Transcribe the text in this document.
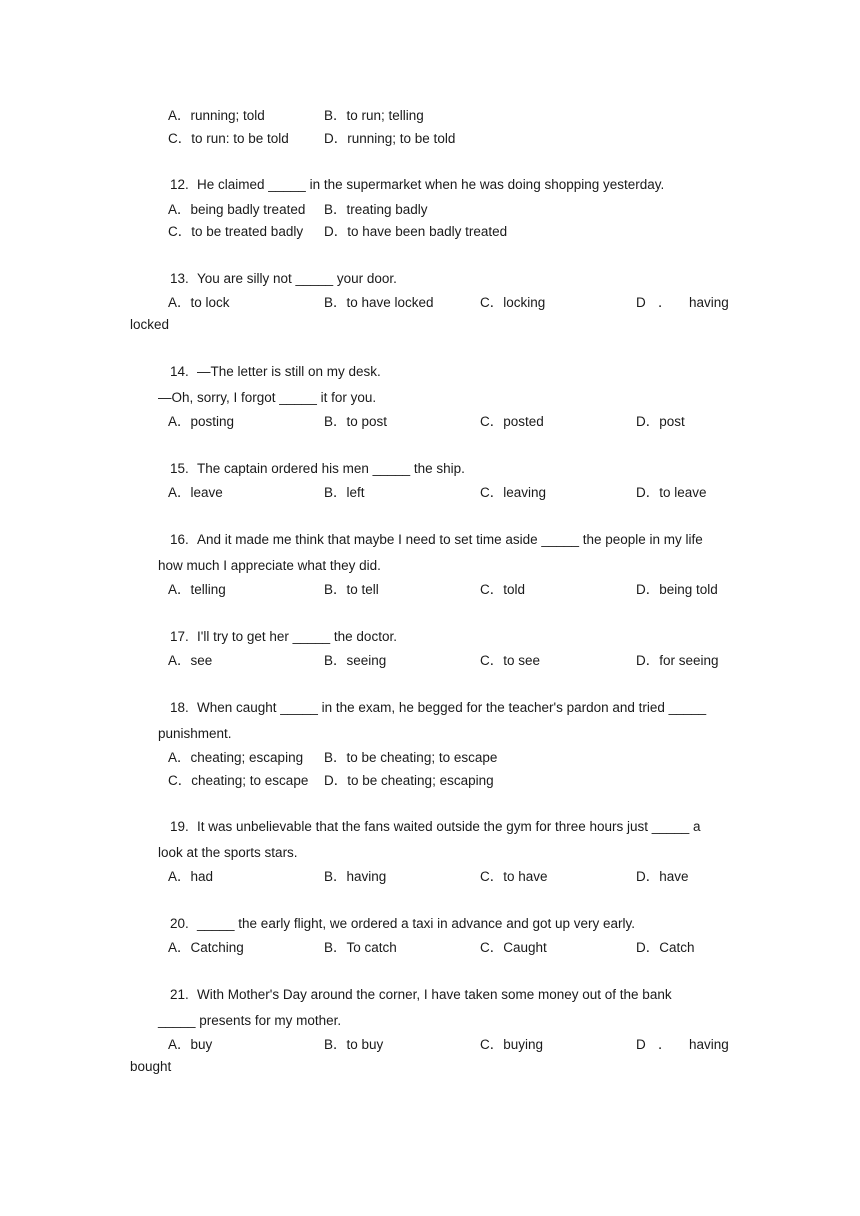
A．running; told	B．to run; telling
C．to run: to be told	D．running; to be told
12. He claimed _____ in the supermarket when he was doing shopping yesterday.
A．being badly treated B．treating badly
C．to be treated badly D．to have been badly treated
13. You are silly not _____ your door.
A．to lock	B．to have locked	C．locking	D ． having
locked
14. —The letter is still on my desk.
—Oh, sorry, I forgot _____ it for you.
A．posting	B．to post	C．posted	D．post
15. The captain ordered his men _____ the ship.
A．leave	B．left	C．leaving	D．to leave
16. And it made me think that maybe I need to set time aside _____ the people in my life
how much I appreciate what they did.
A．telling	B．to tell	C．told	D．being told
17. I'll try to get her _____ the doctor.
A．see	B．seeing	C．to see	D．for seeing
18. When caught _____ in the exam, he begged for the teacher's pardon and tried _____
punishment.
A．cheating; escaping B．to be cheating; to escape
C．cheating; to escape D．to be cheating; escaping
19. It was unbelievable that the fans waited outside the gym for three hours just _____ a
look at the sports stars.
A．had	B．having	C．to have	D．have
20. _____ the early flight, we ordered a taxi in advance and got up very early.
A．Catching	B．To catch	C．Caught	D．Catch
21. With Mother's Day around the corner, I have taken some money out of the bank
_____ presents for my mother.
A．buy	B．to buy	C．buying	D ． having
bought
